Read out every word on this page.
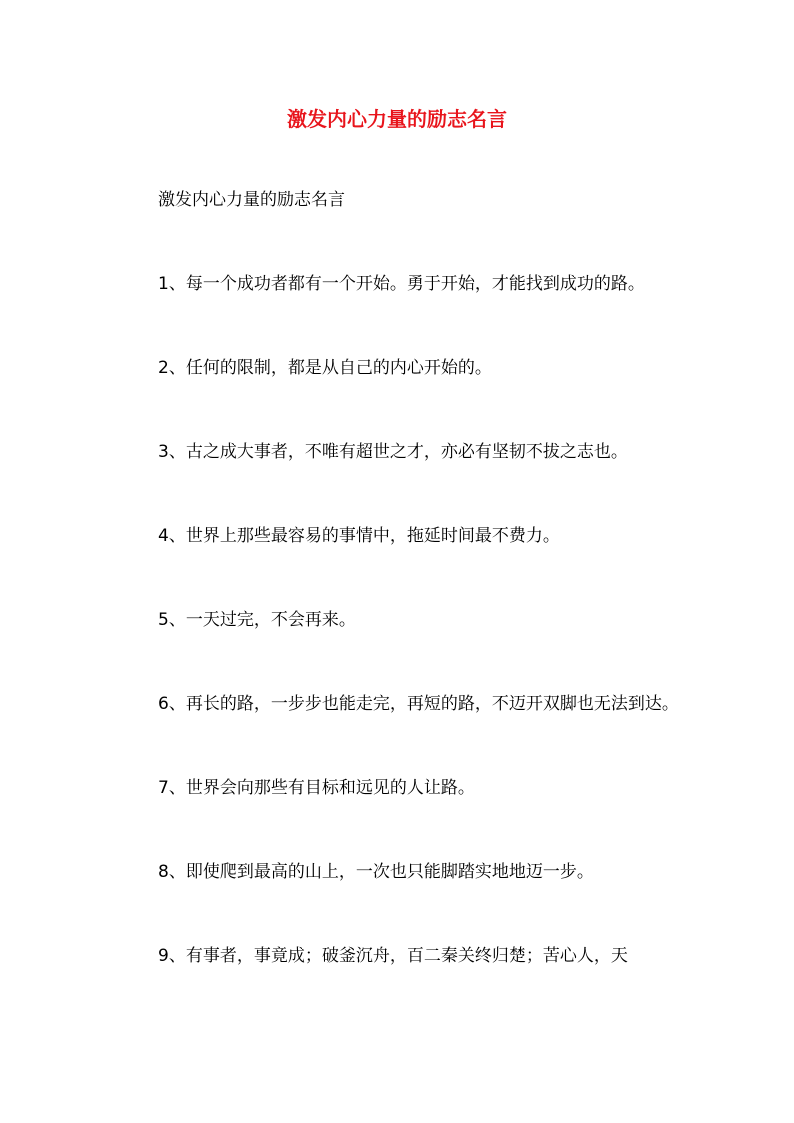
激发内心力量的励志名言

激发内心力量的励志名言

1、每一个成功者都有一个开始。勇于开始，才能找到成功的路。

2、任何的限制，都是从自己的内心开始的。

3、古之成大事者，不唯有超世之才，亦必有坚韧不拔之志也。

4、世界上那些最容易的事情中，拖延时间最不费力。

5、一天过完，不会再来。

6、再长的路，一步步也能走完，再短的路，不迈开双脚也无法到达。

7、世界会向那些有目标和远见的人让路。

8、即使爬到最高的山上，一次也只能脚踏实地地迈一步。

9、有事者，事竟成；破釜沉舟，百二秦关终归楚；苦心人，天
